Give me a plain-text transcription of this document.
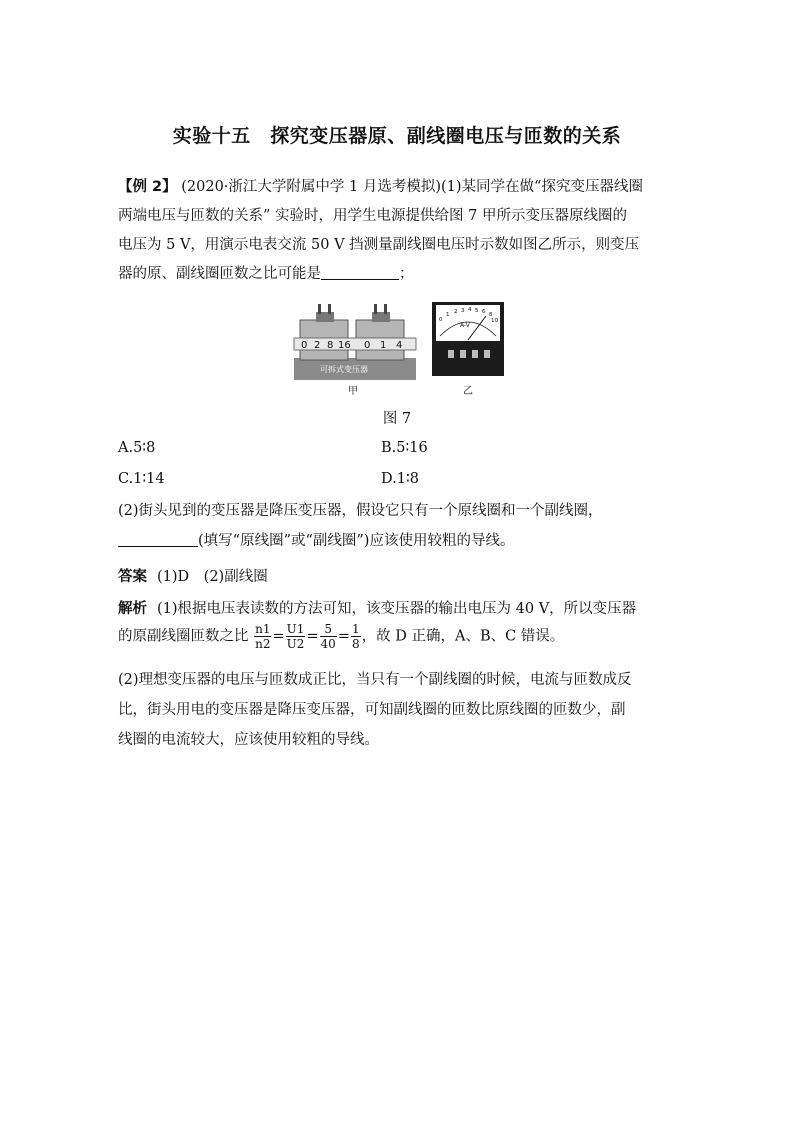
实验十五　探究变压器原、副线圈电压与匝数的关系
【例 2】 (2020·浙江大学附属中学 1 月选考模拟)(1)某同学在做“探究变压器线圈
两端电压与匝数的关系” 实验时，用学生电源提供给图 7 甲所示变压器原线圈的
电压为 5 V，用演示电表交流 50 V 挡测量副线圈电压时示数如图乙所示，则变压
器的原、副线圈匝数之比可能是	；
0 2 8 16 0 1 4
可拆式变压器
甲
0
1 2 3 4 5 6 8
10
A-V
乙
图 7
A.5∶8	B.5∶16
C.1∶14	D.1∶8
(2)街头见到的变压器是降压变压器，假设它只有一个原线圈和一个副线圈，
(填写“原线圈”或“副线圈”)应该使用较粗的导线。
答案 (1)D　(2)副线圈
解析 (1)根据电压表读数的方法可知，该变压器的输出电压为 40 V，所以变压器
的原副线圈匝数之比 $\frac{n1}{n2} = \frac{U1}{U2} = \frac{5}{40} = \frac{1}{8}$ ，故 D 正确，A、B、C 错误。
(2)理想变压器的电压与匝数成正比，当只有一个副线圈的时候，电流与匝数成反
比，街头用电的变压器是降压变压器，可知副线圈的匝数比原线圈的匝数少，副
线圈的电流较大，应该使用较粗的导线。
